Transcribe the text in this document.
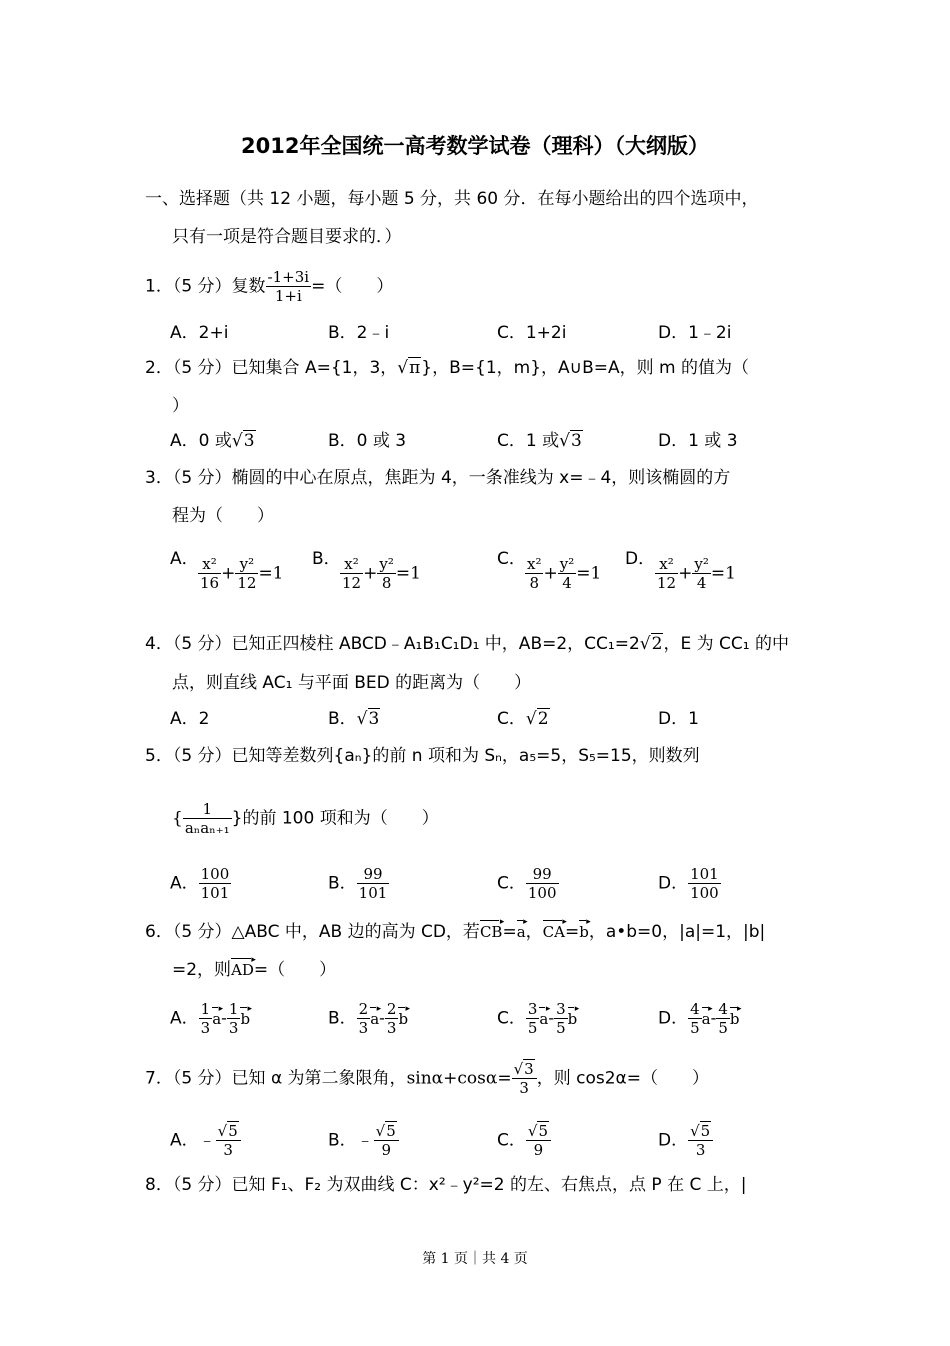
2012年全国统一高考数学试卷（理科）（大纲版）
一、选择题（共 12 小题，每小题 5 分，共 60 分．在每小题给出的四个选项中，
只有一项是符合题目要求的．）
1．（5 分）复数 $\frac{-1+3i}{1+i}$ =（　　）
A．2+i	B．2﹣i	C．1+2i	D．1﹣2i
2．（5 分）已知集合 A={1，3，√π}，B={1，m}，A∪B=A，则 m 的值为（
）
A．0 或√3	B．0 或 3	C．1 或√3	D．1 或 3
3．（5 分）椭圆的中心在原点，焦距为 4，一条准线为 x=﹣4，则该椭圆的方
程为（　　）
A． $\frac{\text{x²}}{16} + \frac{\text{y²}}{12} =1$
B． $\frac{\text{x²}}{12} + \frac{\text{y²}}{8} =1$
C． $\frac{\text{x²}}{8} + \frac{\text{y²}}{4} =1$
D． $\frac{\text{x²}}{12} + \frac{\text{y²}}{4} =1$
4．（5 分）已知正四棱柱 ABCD﹣A₁B₁C₁D₁ 中，AB=2，CC₁=2√2，E 为 CC₁ 的中
点，则直线 AC₁ 与平面 BED 的距离为（　　）
A．2	B．√3	C．√2	D．1
5．（5 分）已知等差数列{aₙ}的前 n 项和为 Sₙ，a₅=5，S₅=15，则数列
{ $\frac{1}{\text{aₙaₙ₊₁}}$ }的前 100 项和为（　　）
A． $\frac{100}{101}$	B． $\frac{99}{101}$	C． $\frac{99}{100}$	D． $\frac{101}{100}$
6．（5 分）△ABC 中，AB 边的高为 CD，若CB ▸=a ▸，CA ▸=b ▸，a•b=0，|a|=1，|b|
=2，则AD ▸=（　　）
A． $\frac{1}{3}$ a ▸- $\frac{1}{3}$ b ▸	B． $\frac{2}{3}$ a ▸- $\frac{2}{3}$ b ▸	C． $\frac{3}{5}$ a ▸- $\frac{3}{5}$ b ▸	D． $\frac{4}{5}$ a ▸- $\frac{4}{5}$ b ▸
7．（5 分）已知 α 为第二象限角，$\sin\alpha+\cos\alpha= \frac{√3}{3}$ ，则 cos2α=（　　）
A．﹣ $\frac{√5}{3}$	B．﹣ $\frac{√5}{9}$	C． $\frac{√5}{9}$	D． $\frac{√5}{3}$
8．（5 分）已知 F₁、F₂ 为双曲线 C：x²﹣y²=2 的左、右焦点，点 P 在 C 上，|
第 1 页｜共 4 页
